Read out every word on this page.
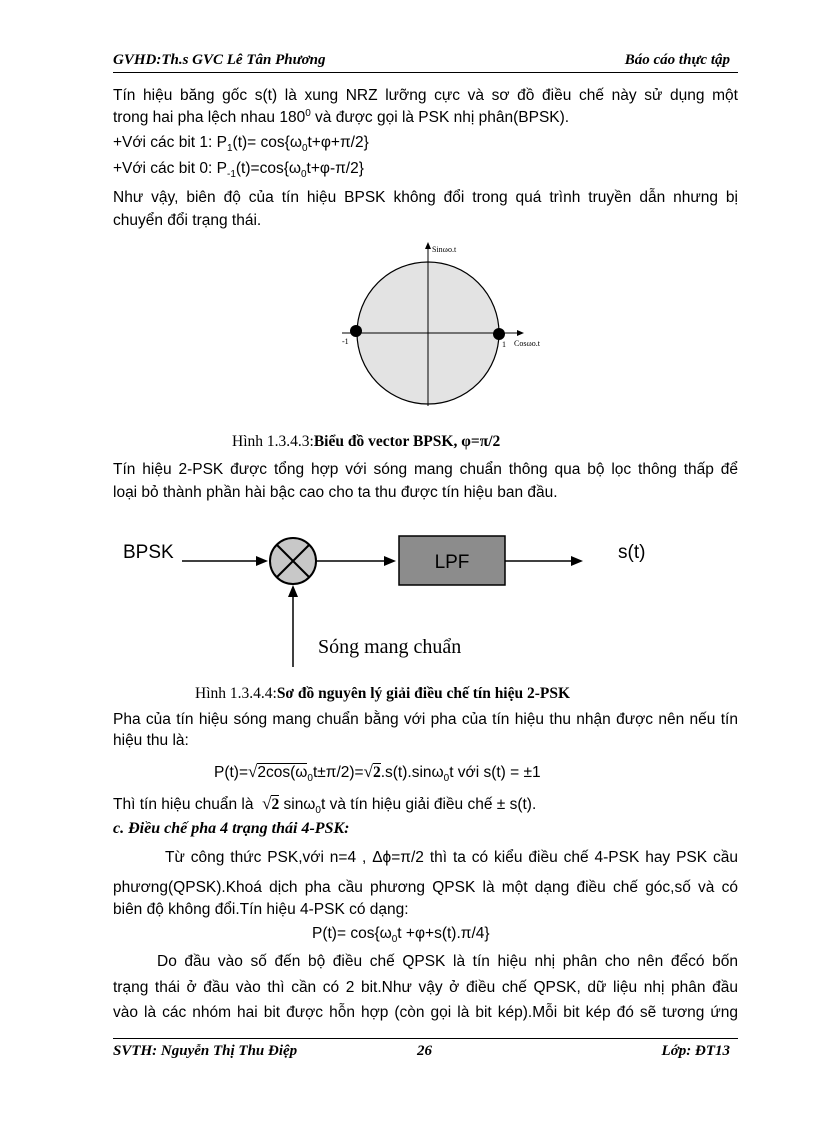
GVHD:Th.s GVC Lê Tân Phương	Báo cáo thực tập
Tín hiệu băng gốc s(t) là xung NRZ lưỡng cực và sơ đồ điều chế này sử dụng một
trong hai pha lệch nhau $180^0$ và được gọi là PSK nhị phân(BPSK).
+Với các bit 1: $P_1(t)= \cos\{\omega_0t+\varphi+\pi/2\}$
+Với các bit 0: $P_{-1}(t)=\cos\{\omega_0t+\varphi-\pi/2\}$
Như vậy, biên độ của tín hiệu BPSK không đổi trong quá trình truyền dẫn nhưng bị
chuyển đổi trạng thái.
Sinωo.t
Cosωo.t
-1	1
Hình 1.3.4.3:Biểu đồ vector BPSK, φ=π/2
Tín hiệu 2-PSK được tổng hợp với sóng mang chuẩn thông qua bộ lọc thông thấp để
loại bỏ thành phần hài bậc cao cho ta thu được tín hiệu ban đầu.
BPSK	LPF	s(t)
Sóng mang chuẩn
Hình 1.3.4.4:Sơ đồ nguyên lý giải điều chế tín hiệu 2-PSK
Pha của tín hiệu sóng mang chuẩn bằng với pha của tín hiệu thu nhận được nên nếu tín
hiệu thu là:
$P(t)=√2\cos(\omega_0t\pm\pi/2)=√2.s(t).\sin\omega_0t$ với s(t) = ±1
Thì tín hiệu chuẩn là √2 sinω$_0$t và tín hiệu giải điều chế ± s(t).
c. Điều chế pha 4 trạng thái 4-PSK:
Từ công thức PSK,với n=4 , Δϕ=π/2 thì ta có kiểu điều chế 4-PSK hay PSK cầu
phương(QPSK).Khoá dịch pha cầu phương QPSK là một dạng điều chế góc,số và có
biên độ không đổi.Tín hiệu 4-PSK có dạng:
$P(t)= \cos\{\omega_0t +\varphi+s(t).\pi/4\}$
Do đầu vào số đến bộ điều chế QPSK là tín hiệu nhị phân cho nên đểcó bốn
trạng thái ở đầu vào thì cần có 2 bit.Như vậy ở điều chế QPSK, dữ liệu nhị phân đầu
vào là các nhóm hai bit được hỗn hợp (còn gọi là bit kép).Mỗi bit kép đó sẽ tương ứng
SVTH: Nguyễn Thị Thu Điệp	26	Lớp: ĐT13
